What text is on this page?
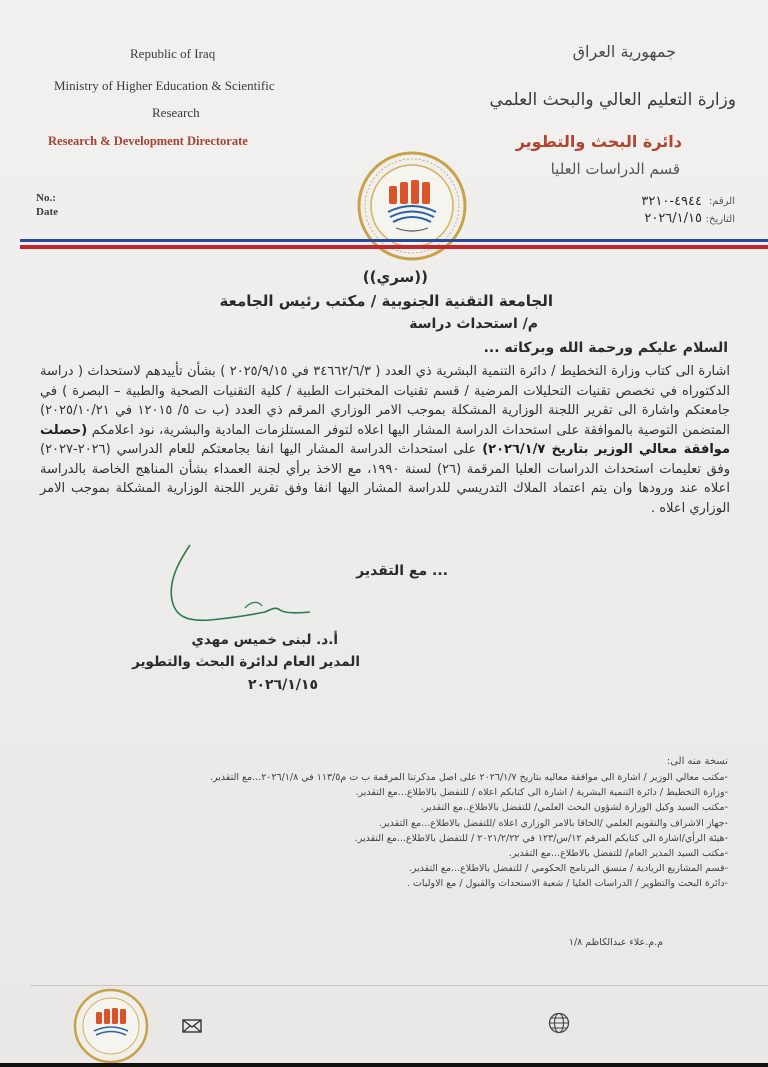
Republic of Iraq
Ministry of Higher Education & Scientific
Research
Research & Development Directorate
No.:
Date
جمهورية العراق
وزارة التعليم العالي والبحث العلمي
دائرة البحث والتطوير
قسم الدراسات العليا
الرقم:
التاريخ:
٤٩٤٤-٣٢١٠
٢٠٢٦/١/١٥
((سري))
الجامعة التقنية الجنوبية / مكتب رئيس الجامعة
م/ استحداث دراسة
السلام عليكم ورحمة الله وبركاته ...
اشارة الى كتاب وزارة التخطيط / دائرة التنمية البشرية ذي العدد ( ٣٤٦٦٢/٦/٣ في ٢٠٢٥/٩/١٥ ) بشأن تأييدهم لاستحداث ( دراسة الدكتوراه في تخصص تقنيات التحليلات المرضية / قسم تقنيات المختبرات الطبية / كلية التقنيات الصحية والطبية – البصرة ) في جامعتكم واشارة الى تقرير اللجنة الوزارية المشكلة بموجب الامر الوزاري المرقم ذي العدد (ب ت ٥/ ١٢٠١٥ في ٢٠٢٥/١٠/٢١) المتضمن التوصية بالموافقة على استحداث الدراسة المشار اليها اعلاه لتوفر المستلزمات المادية والبشرية، نود اعلامكم (حصلت موافقة معالي الوزير بتاريخ ٢٠٢٦/١/٧) على استحداث الدراسة المشار اليها انفا بجامعتكم للعام الدراسي (٢٠٢٦-٢٠٢٧) وفق تعليمات استحداث الدراسات العليا المرقمة (٢٦) لسنة ١٩٩٠، مع الاخذ برأي لجنة العمداء بشأن المناهج الخاصة بالدراسة اعلاه عند ورودها وان يتم اعتماد الملاك التدريسي للدراسة المشار اليها انفا وفق تقرير اللجنة الوزارية المشكلة بموجب الامر الوزاري اعلاه .
... مع التقدير
أ.د. لبنى خميس مهدي
المدير العام لدائرة البحث والتطوير
٢٠٢٦/١/١٥
نسخة منه الى:
-مكتب معالي الوزير / اشارة الى موافقة معاليه بتاريخ ٢٠٢٦/١/٧ على اصل مذكرتنا المرقمة ب ت م١١٣/٥ في ٢٠٢٦/١/٨...مع التقدير.
-وزارة التخطيط / دائرة التنمية البشرية / اشارة الى كتابكم اعلاه / للتفضل بالاطلاع...مع التقدير.
-مكتب السيد وكيل الوزارة لشؤون البحث العلمي/ للتفضل بالاطلاع..مع التقدير.
-جهاز الاشراف والتقويم العلمي /الحاقا بالامر الوزاري اعلاه /للتفضل بالاطلاع...مع التقدير.
-هيئة الرأي/اشارة الى كتابكم المرقم ١٢/س/١٢٣ في ٢٠٢١/٢/٢٢ / للتفضل بالاطلاع...مع التقدير.
-مكتب السيد المدير العام/ للتفضل بالاطلاع...مع التقدير.
-قسم المشاريع الريادية / منسق البرنامج الحكومي / للتفضل بالاطلاع...مع التقدير.
-دائرة البحث والتطوير / الدراسات العليا / شعبة الاستحداث والقبول / مع الاوليات .
م.م.علاء عبدالكاظم ١/٨
